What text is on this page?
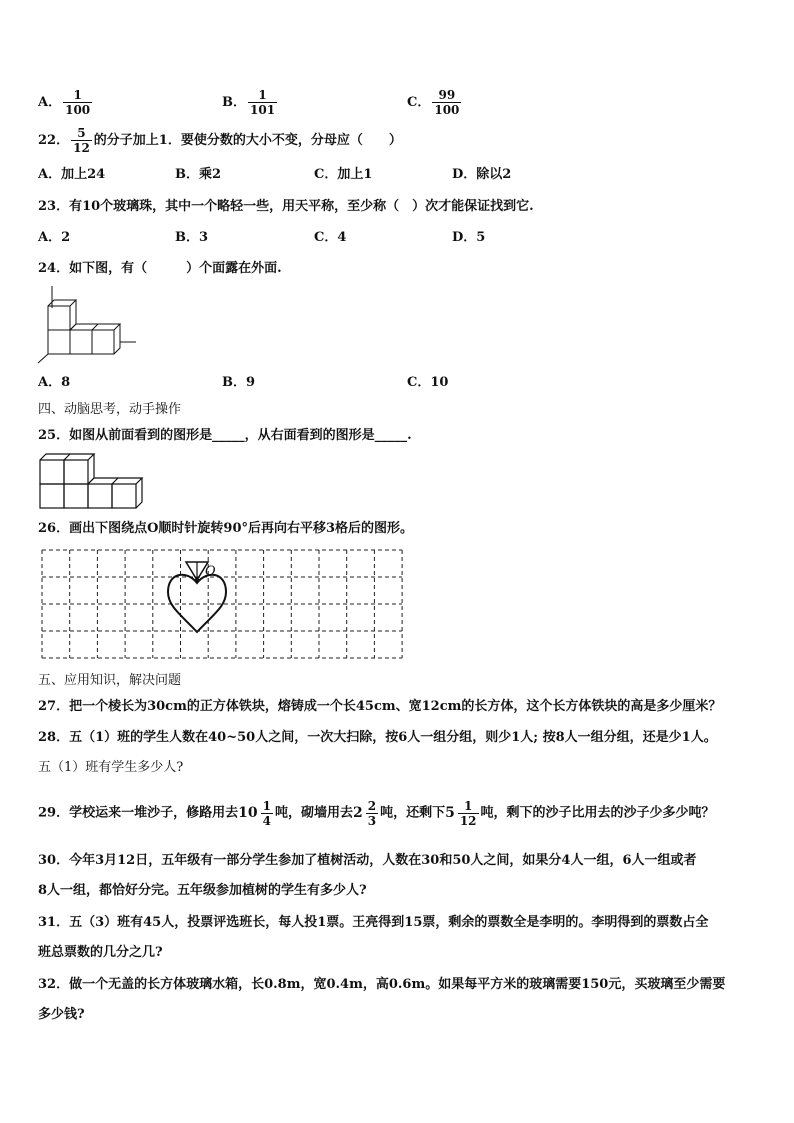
A． $\frac{1}{100}$	B． $\frac{1}{101}$	C． $\frac{99}{100}$
22． $\frac{5}{12}$ 的分子加上1．要使分数的大小不变，分母应（　　）
A．加上24	B．乘2	C．加上1	D．除以2
23．有10个玻璃珠，其中一个略轻一些，用天平称，至少称（　）次才能保证找到它.
A．2	B．3	C．4	D．5
24．如下图，有（　　　）个面露在外面.
A．8	B．9	C．10
四、动脑思考，动手操作
25．如图从前面看到的图形是_____，从右面看到的图形是_____.
26．画出下图绕点O顺时针旋转90°后再向右平移3格后的图形。
O
五、应用知识，解决问题
27．把一个棱长为30cm的正方体铁块，熔铸成一个长45cm、宽12cm的长方体，这个长方体铁块的高是多少厘米？
28．五（1）班的学生人数在40~50人之间，一次大扫除，按6人一组分组，则少1人; 按8人一组分组，还是少1人。
五（1）班有学生多少人?
29．学校运来一堆沙子，修路用去 $10 \frac{1}{4}$ 吨，砌墙用去 $2 \frac{2}{3}$ 吨，还剩下 $5 \frac{1}{12}$ 吨，剩下的沙子比用去的沙子少多少吨？
30．今年3月12日，五年级有一部分学生参加了植树活动，人数在30和50人之间，如果分4人一组，6人一组或者
8人一组，都恰好分完。五年级参加植树的学生有多少人?
31．五（3）班有45人，投票评选班长，每人投1票。王亮得到15票，剩余的票数全是李明的。李明得到的票数占全
班总票数的几分之几?
32．做一个无盖的长方体玻璃水箱，长0.8m，宽0.4m，高0.6m。如果每平方米的玻璃需要150元，买玻璃至少需要
多少钱?
